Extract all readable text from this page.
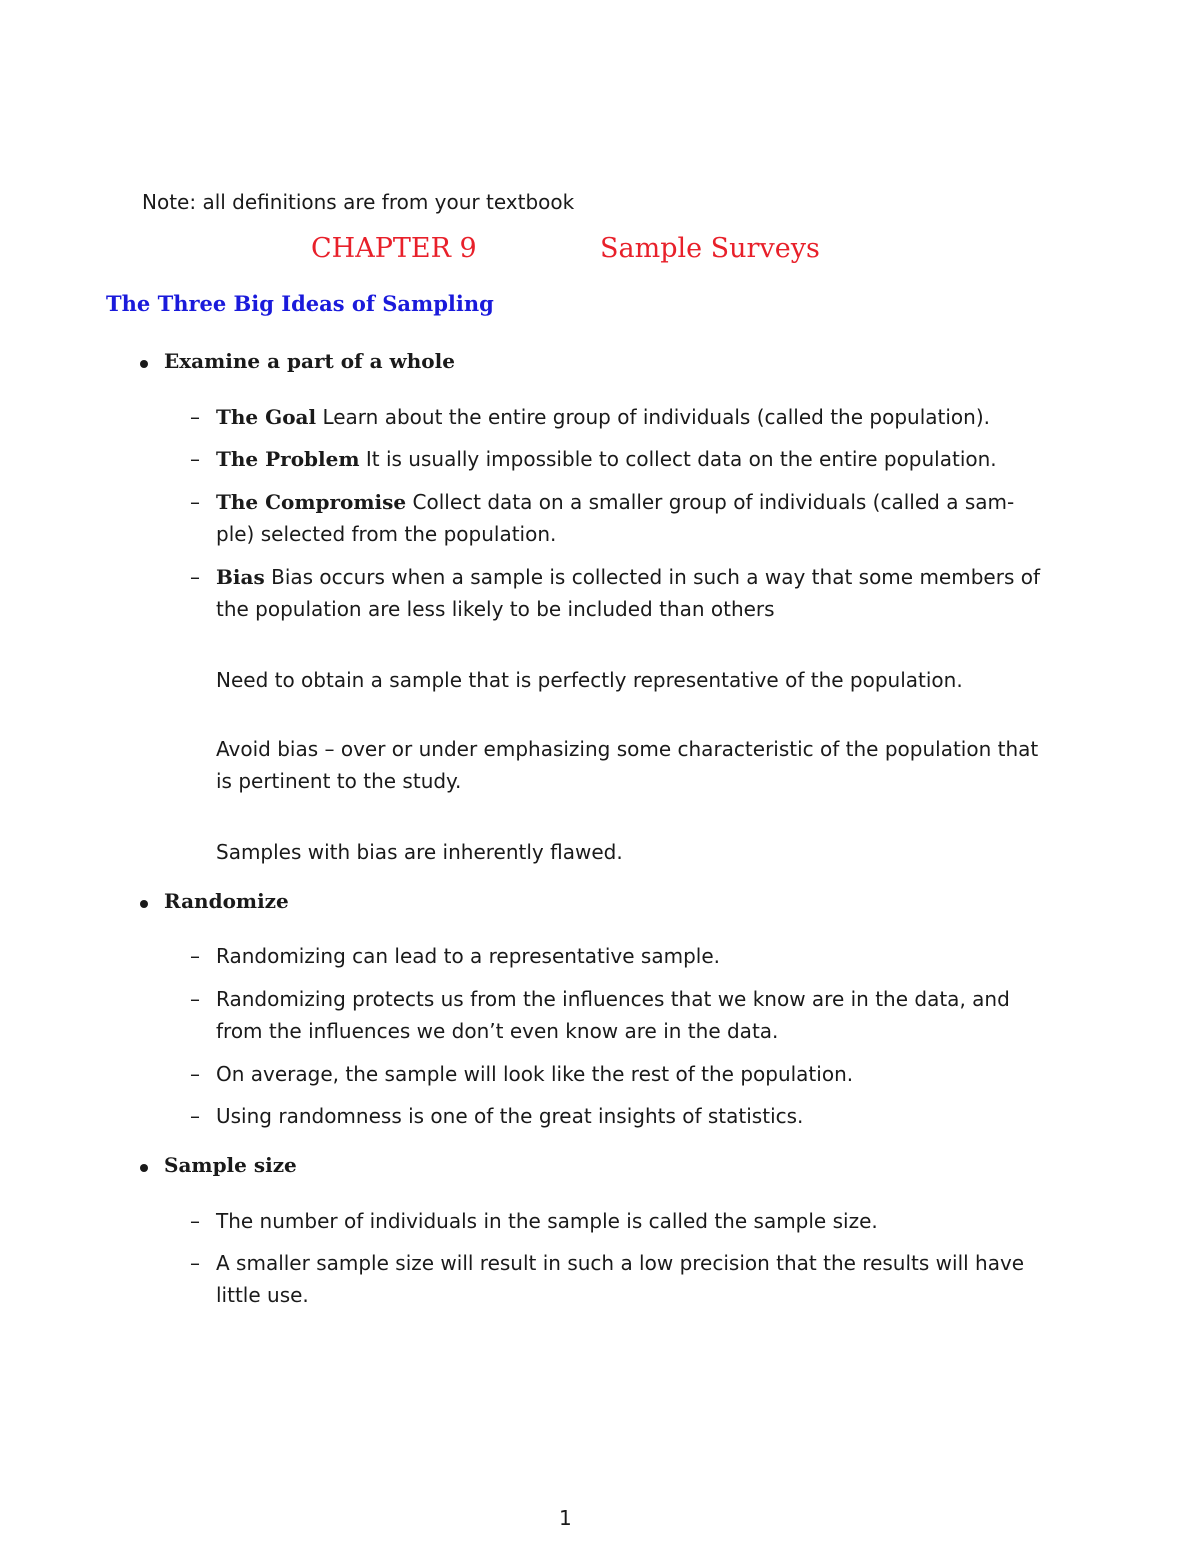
Note: all definitions are from your textbook
CHAPTER 9	Sample Surveys
The Three Big Ideas of Sampling
Examine a part of a whole
– The Goal Learn about the entire group of individuals (called the population).
– The Problem It is usually impossible to collect data on the entire population.
– The Compromise Collect data on a smaller group of individuals (called a sam-
ple) selected from the population.
– Bias Bias occurs when a sample is collected in such a way that some members of
the population are less likely to be included than others
Need to obtain a sample that is perfectly representative of the population.
Avoid bias – over or under emphasizing some characteristic of the population that
is pertinent to the study.
Samples with bias are inherently flawed.
Randomize
– Randomizing can lead to a representative sample.
– Randomizing protects us from the influences that we know are in the data, and
from the influences we don’t even know are in the data.
– On average, the sample will look like the rest of the population.
– Using randomness is one of the great insights of statistics.
Sample size
– The number of individuals in the sample is called the sample size.
– A smaller sample size will result in such a low precision that the results will have
little use.
1
